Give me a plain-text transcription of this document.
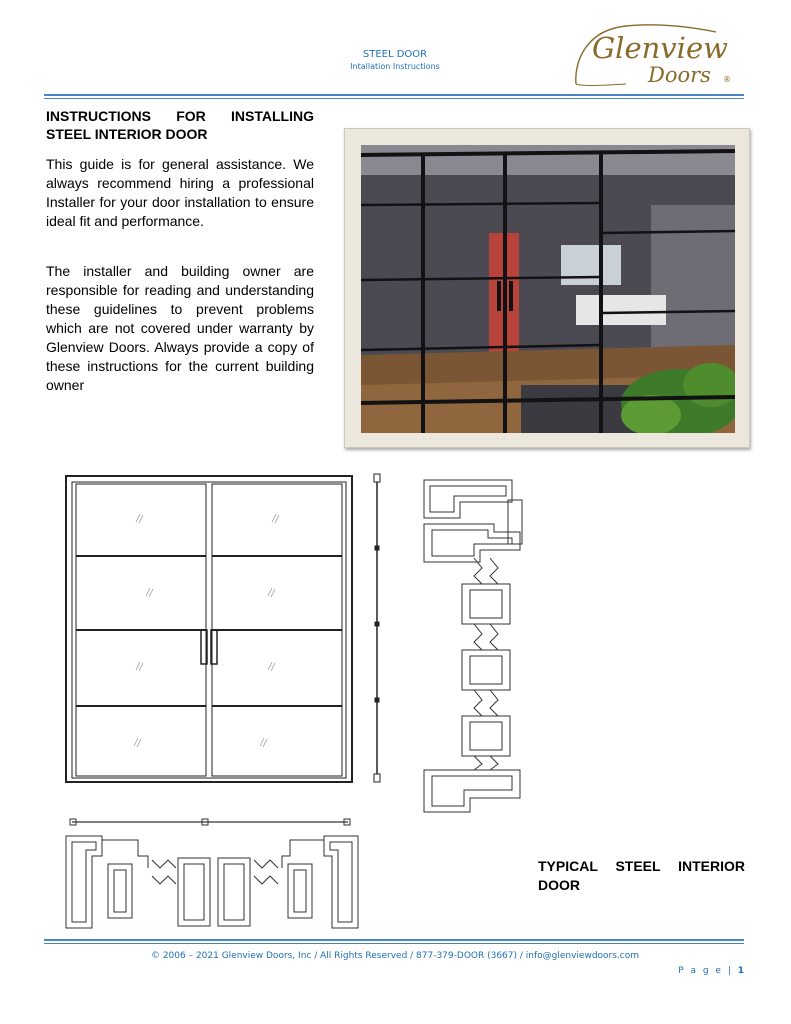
STEEL DOOR
Intallation Instructions
Glenview
Doors ®
INSTRUCTIONS FOR INSTALLING
STEEL INTERIOR DOOR
This guide is for general assistance. We always recommend hiring a professional Installer for your door installation to ensure ideal fit and performance.
The installer and building owner are responsible for reading and understanding these guidelines to prevent problems which are not covered under warranty by Glenview Doors. Always provide a copy of these instructions for the current building owner
TYPICAL STEEL INTERIOR
DOOR
© 2006 – 2021 Glenview Doors, Inc / All Rights Reserved / 877-379-DOOR (3667) / info@glenviewdoors.com
P a g e | 1
